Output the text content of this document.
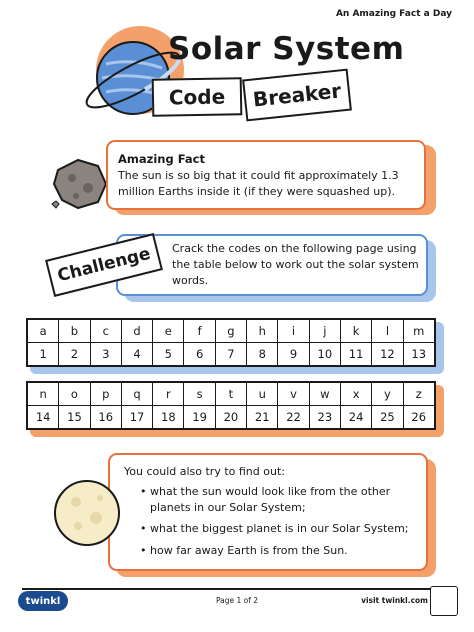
An Amazing Fact a Day
Solar System
Code	Breaker
Amazing Fact
The sun is so big that it could fit approximately 1.3 million Earths inside it (if they were squashed up).
Crack the codes on the following page using the table below to work out the solar system words.
Challenge
a	b	c	d	e	f	g	h	i	j	k	l	m
1	2	3	4	5	6	7	8	9	10	11	12	13
n	o	p	q	r	s	t	u	v	w	x	y	z
14	15	16	17	18	19	20	21	22	23	24	25	26
You could also try to find out:
• what the sun would look like from the other planets in our Solar System;
• what the biggest planet is in our Solar System;
• how far away Earth is from the Sun.
twinkl	Page 1 of 2	visit twinkl.com
